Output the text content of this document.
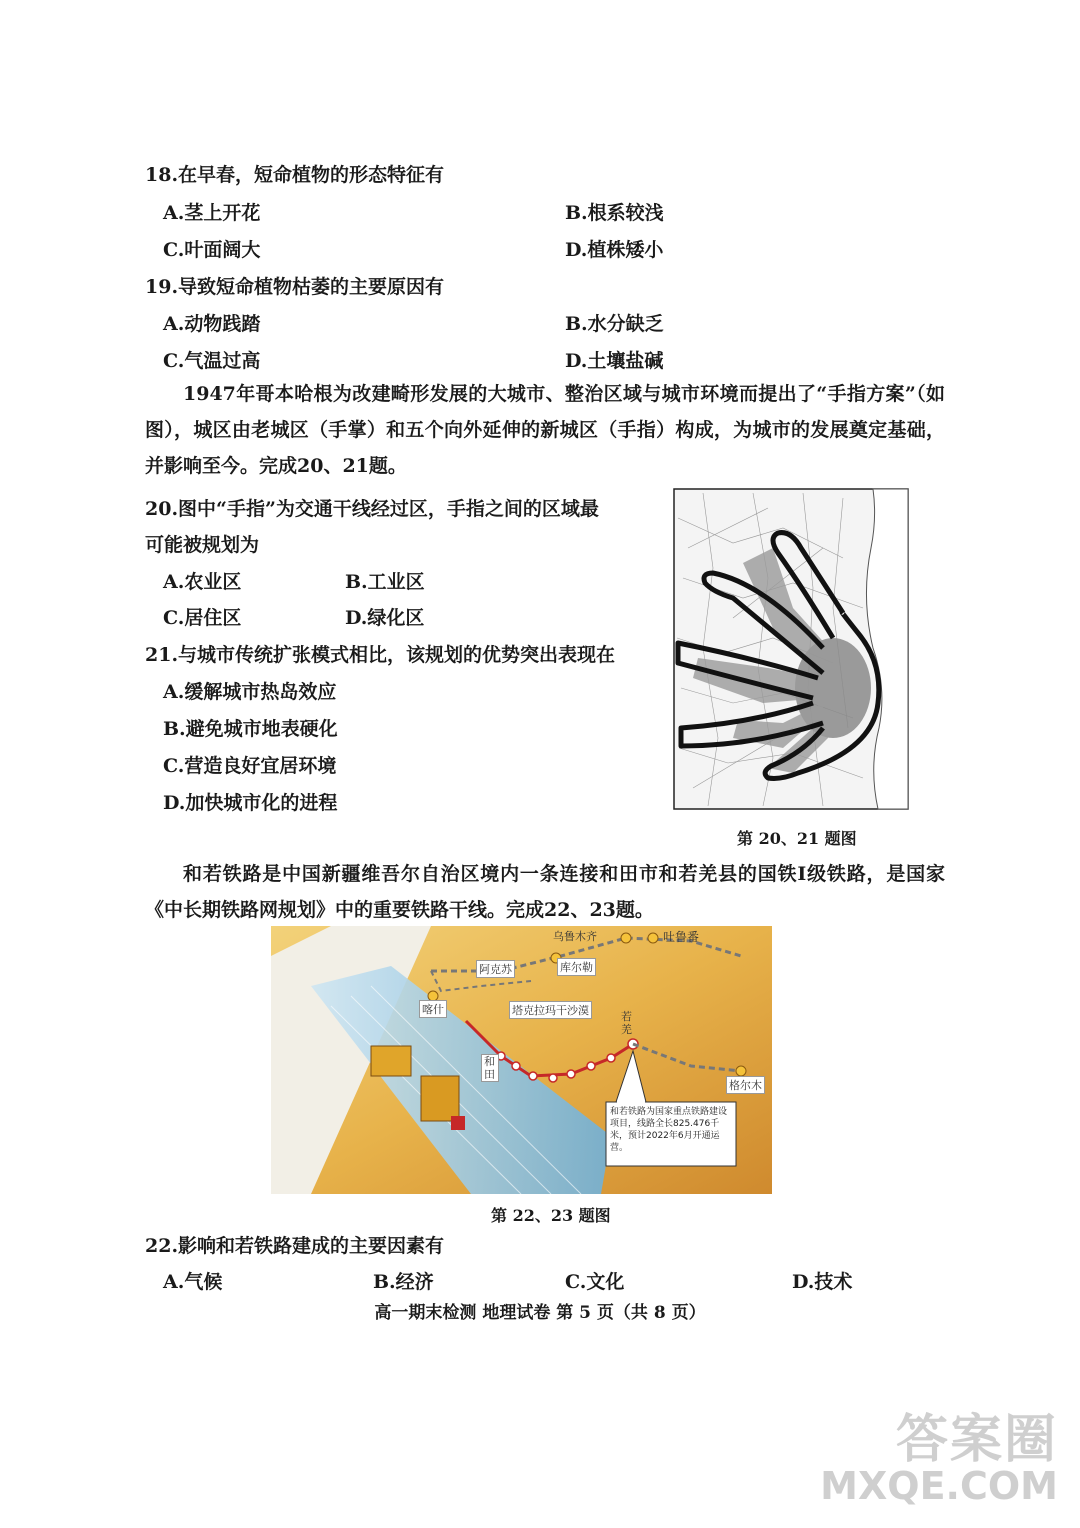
18.在早春，短命植物的形态特征有
A.茎上开花	B.根系较浅
C.叶面阔大	D.植株矮小
19.导致短命植物枯萎的主要原因有
A.动物践踏	B.水分缺乏
C.气温过高	D.土壤盐碱

1947年哥本哈根为改建畸形发展的大城市、整治区域与城市环境而提出了“手指方案”（如图），城区由老城区（手掌）和五个向外延伸的新城区（手指）构成，为城市的发展奠定基础，并影响至今。完成20、21题。

20.图中“手指”为交通干线经过区，手指之间的区域最
可能被规划为
A.农业区	B.工业区
C.居住区	D.绿化区
21.与城市传统扩张模式相比，该规划的优势突出表现在
A.缓解城市热岛效应
B.避免城市地表硬化
C.营造良好宜居环境
D.加快城市化的进程
第 20、21 题图

和若铁路是中国新疆维吾尔自治区境内一条连接和田市和若羌县的国铁Ⅰ级铁路，是国家《中长期铁路网规划》中的重要铁路干线。完成22、23题。

乌鲁木齐	吐鲁番
阿克苏	库尔勒
喀什	塔克拉玛干沙漠	若羌
和田
格尔木
和若铁路为国家重点铁路建设项目，线路全长825.476千米，预计2022年6月开通运营。
第 22、23 题图
22.影响和若铁路建成的主要因素有
A.气候	B.经济	C.文化	D.技术
高一期末检测 地理试卷 第 5 页（共 8 页）
答案圈
MXQE.COM
